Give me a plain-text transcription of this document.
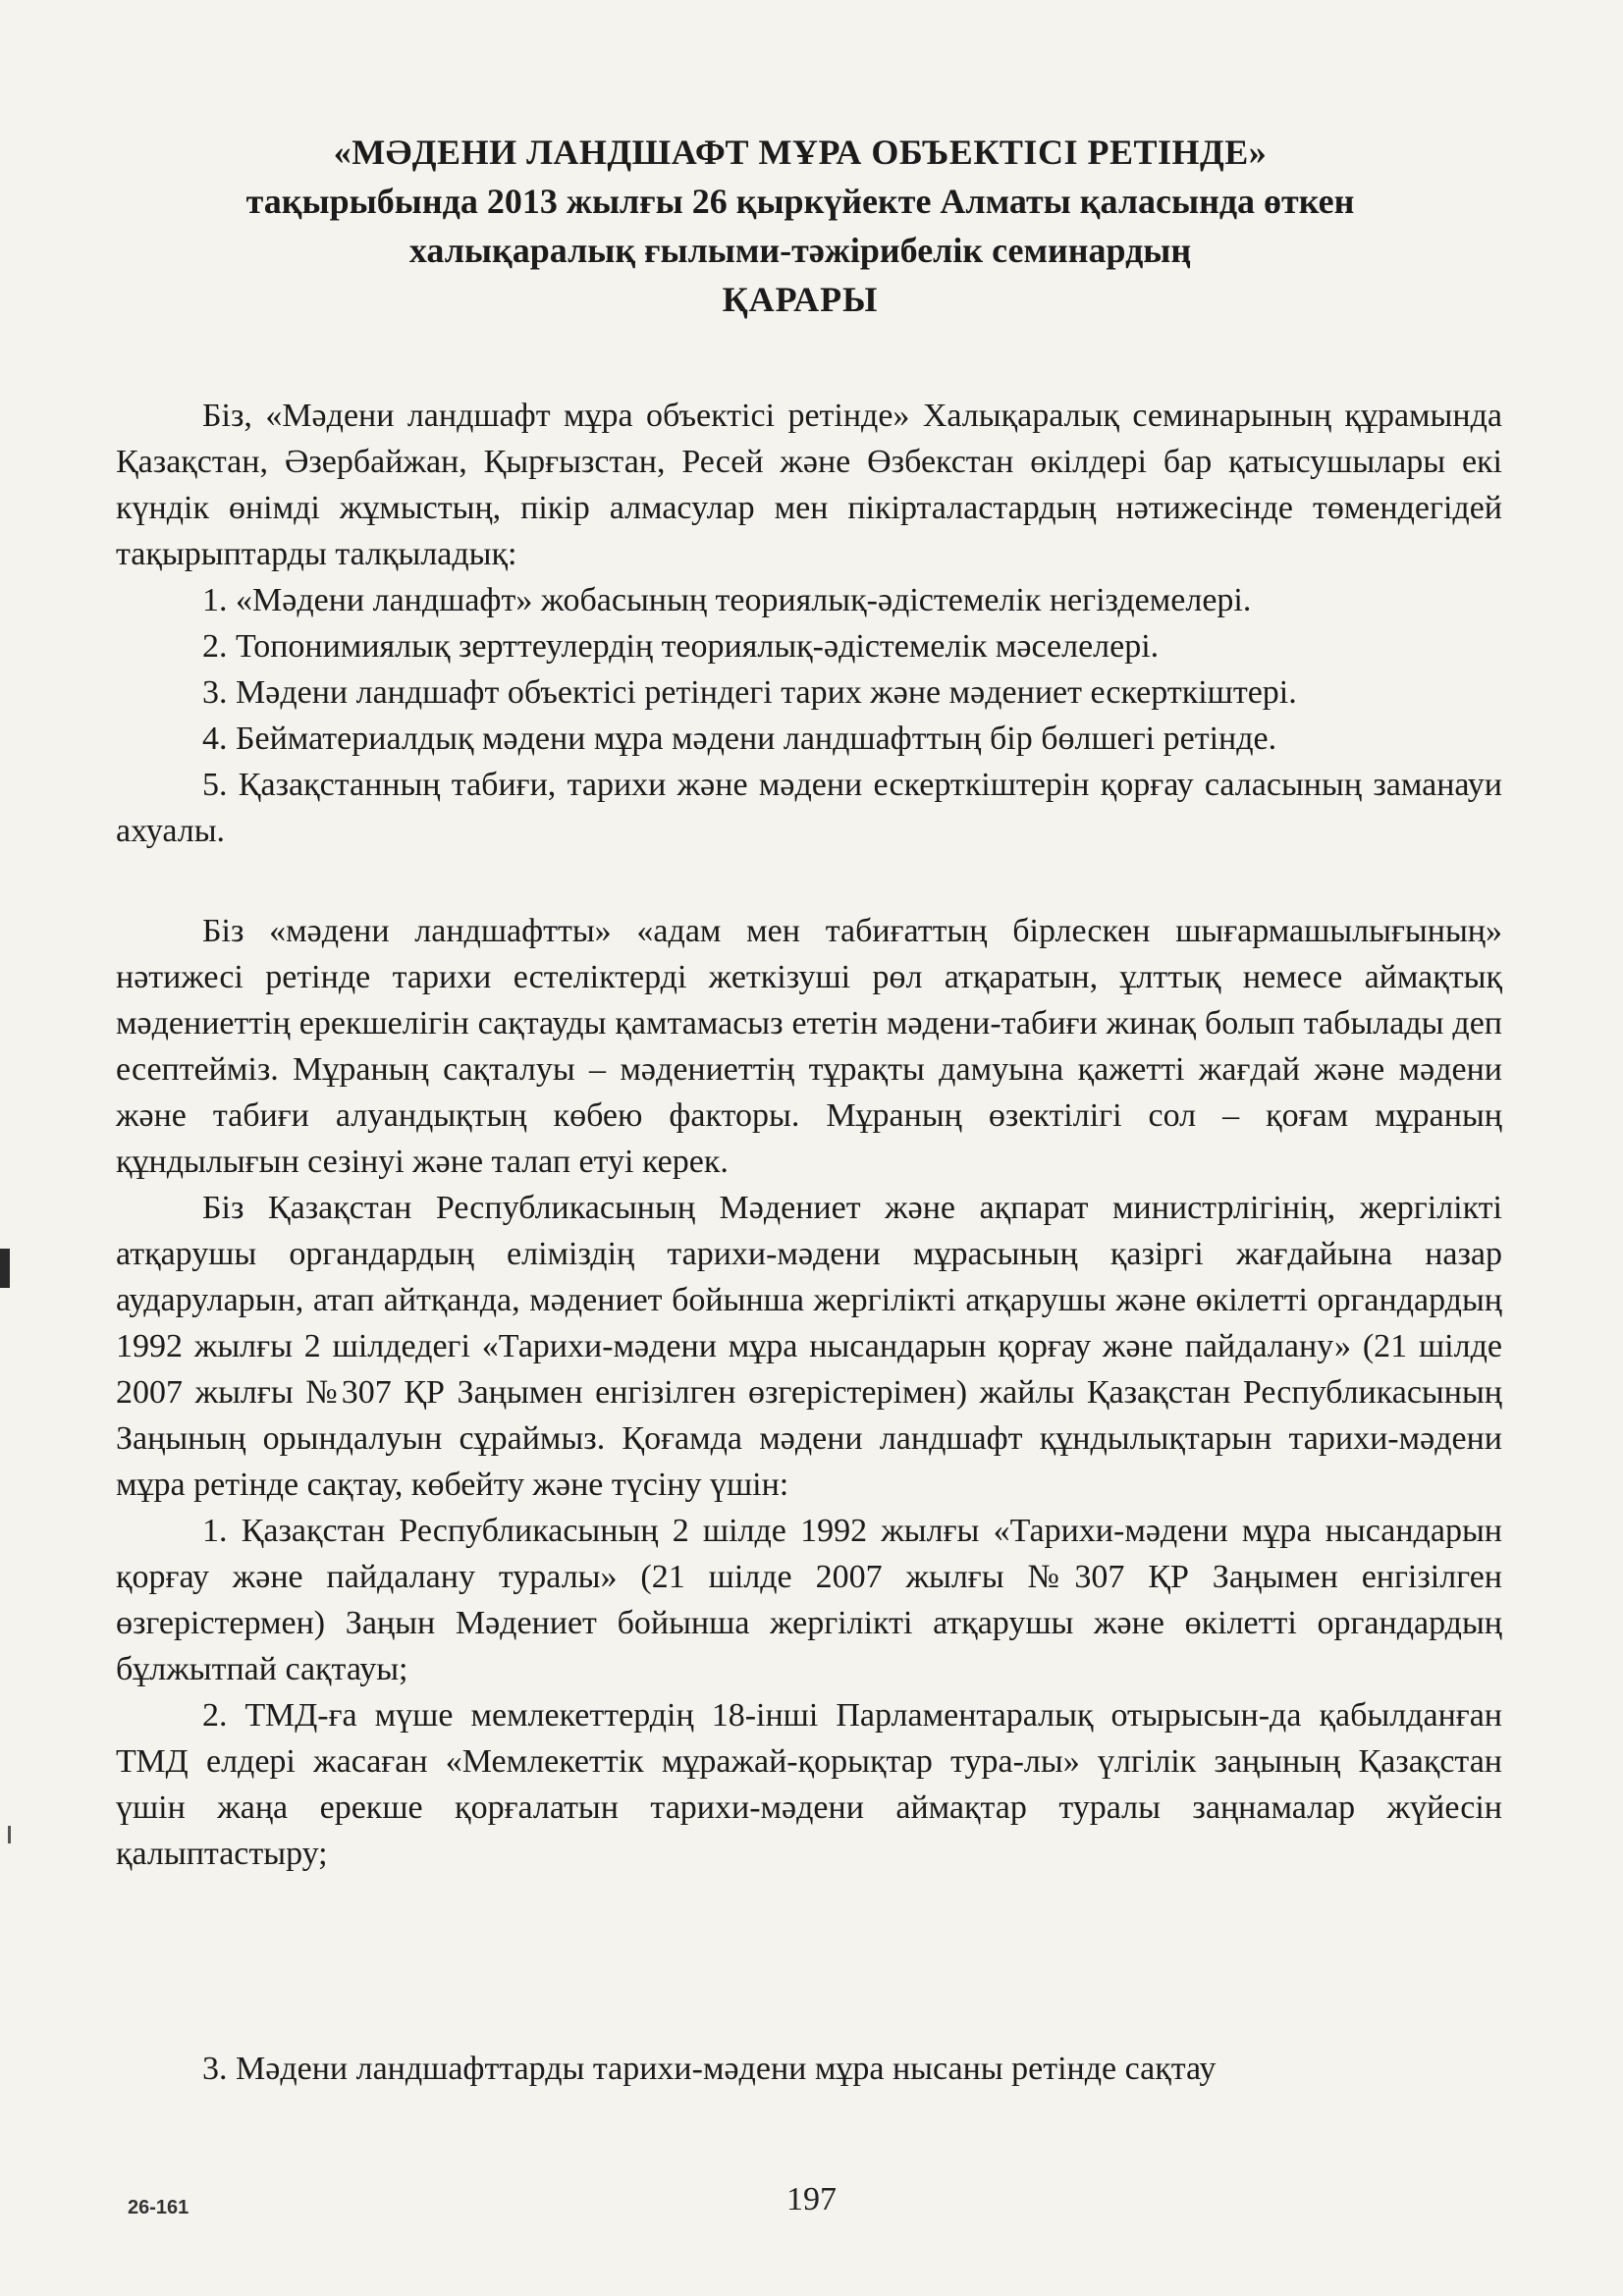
«МӘДЕНИ ЛАНДШАФТ МҰРА ОБЪЕКТІСІ РЕТІНДЕ»
тақырыбында 2013 жылғы 26 қыркүйекте Алматы қаласында өткен
халықаралық ғылыми-тәжірибелік семинардың
ҚАРАРЫ

Біз, «Мәдени ландшафт мұра объектісі ретінде» Халықаралық семинарының құрамында Қазақстан, Әзербайжан, Қырғызстан, Ресей және Өзбекстан өкілдері бар қатысушылары екі күндік өнімді жұмыстың, пікір алмасулар мен пікірталастардың нәтижесінде төмендегідей тақырыптарды талқыладық:

1. «Мәдени ландшафт» жобасының теориялық-әдістемелік негіздемелері.

2. Топонимиялық зерттеулердің теориялық-әдістемелік мәселелері.

3. Мәдени ландшафт объектісі ретіндегі тарих және мәдениет ескерткіштері.

4. Бейматериалдық мәдени мұра мәдени ландшафттың бір бөлшегі ретінде.

5. Қазақстанның табиғи, тарихи және мәдени ескерткіштерін қорғау саласының заманауи ахуалы.

Біз «мәдени ландшафтты» «адам мен табиғаттың бірлескен шығармашылығының» нәтижесі ретінде тарихи естеліктерді жеткізуші рөл атқаратын, ұлттық немесе аймақтық мәдениеттің ерекшелігін сақтауды қамтамасыз ететін мәдени-табиғи жинақ болып табылады деп есептейміз. Мұраның сақталуы – мәдениеттің тұрақты дамуына қажетті жағдай және мәдени және табиғи алуандықтың көбею факторы. Мұраның өзектілігі сол – қоғам мұраның құндылығын сезінуі және талап етуі керек.

Біз Қазақстан Республикасының Мәдениет және ақпарат министрлігінің, жергілікті атқарушы органдардың еліміздің тарихи-мәдени мұрасының қазіргі жағдайына назар аударуларын, атап айтқанда, мәдениет бойынша жергілікті атқарушы және өкілетті органдардың 1992 жылғы 2 шілдедегі «Тарихи-мәдени мұра нысандарын қорғау және пайдалану» (21 шілде 2007 жылғы №307 ҚР Заңымен енгізілген өзгерістерімен) жайлы Қазақстан Республикасының Заңының орындалуын сұраймыз. Қоғамда мәдени ландшафт құндылықтарын тарихи-мәдени мұра ретінде сақтау, көбейту және түсіну үшін:

1. Қазақстан Республикасының 2 шілде 1992 жылғы «Тарихи-мәдени мұра нысандарын қорғау және пайдалану туралы» (21 шілде 2007 жылғы №307 ҚР Заңымен енгізілген өзгерістермен) Заңын Мәдениет бойынша жергілікті атқарушы және өкілетті органдардың бұлжытпай сақтауы;

2. ТМД-ға мүше мемлекеттердің 18-інші Парламентаралық отырысын-да қабылданған ТМД елдері жасаған «Мемлекеттік мұражай-қорықтар тура-лы» үлгілік заңының Қазақстан үшін жаңа ерекше қорғалатын тарихи-мәдени аймақтар туралы заңнамалар жүйесін қалыптастыру;

3. Мәдени ландшафттарды тарихи-мәдени мұра нысаны ретінде сақтау

26-161	197
